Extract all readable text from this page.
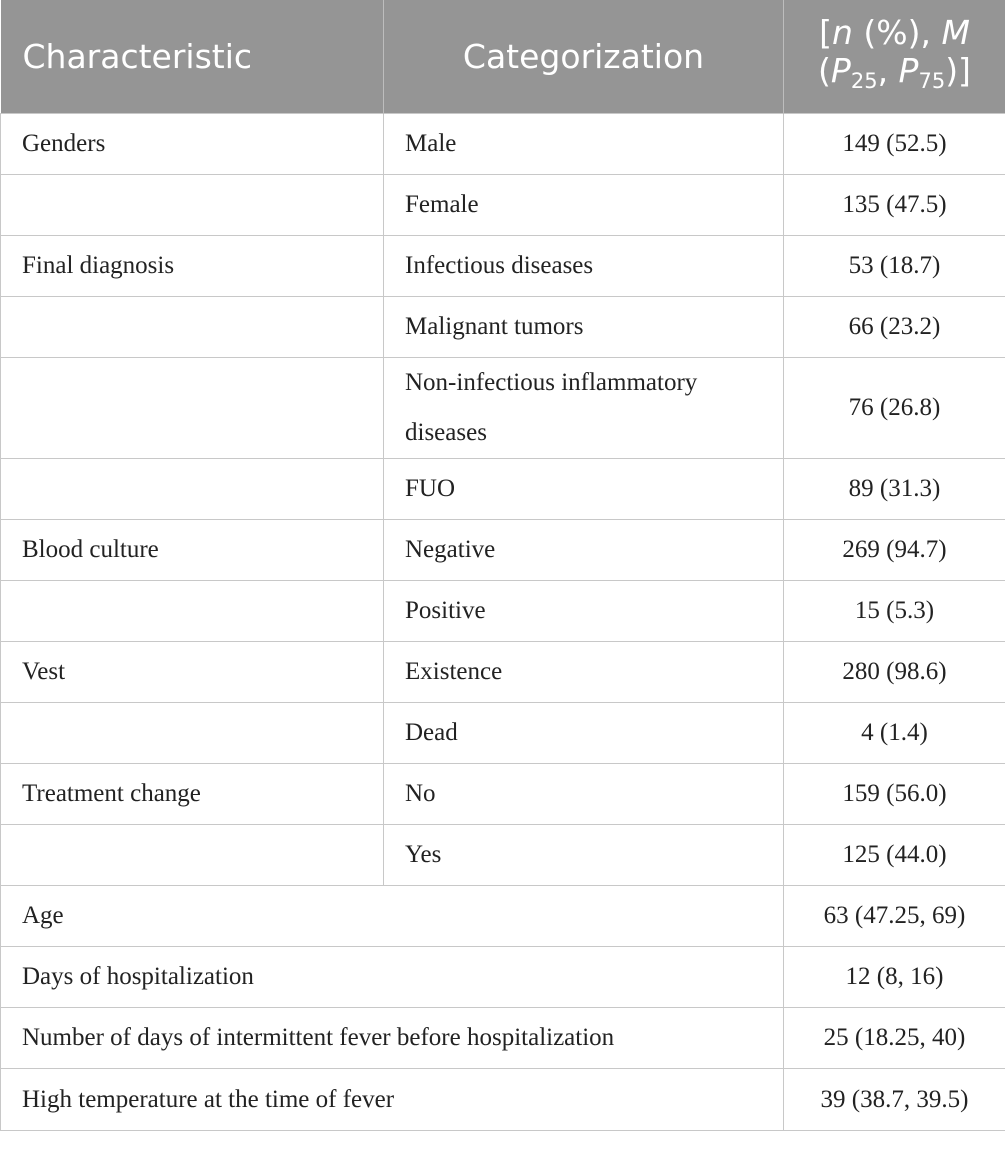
Characteristic	Categorization	[n (%), M
($P_{25}$, $P_{75}$)]
Genders	Male	149 (52.5)
	Female	135 (47.5)
Final diagnosis	Infectious diseases	53 (18.7)
	Malignant tumors	66 (23.2)
	Non-infectious inflammatory diseases	76 (26.8)
	FUO	89 (31.3)
Blood culture	Negative	269 (94.7)
	Positive	15 (5.3)
Vest	Existence	280 (98.6)
	Dead	4 (1.4)
Treatment change	No	159 (56.0)
	Yes	125 (44.0)
Age		63 (47.25, 69)
Days of hospitalization		12 (8, 16)
Number of days of intermittent fever before hospitalization		25 (18.25, 40)
High temperature at the time of fever		39 (38.7, 39.5)
